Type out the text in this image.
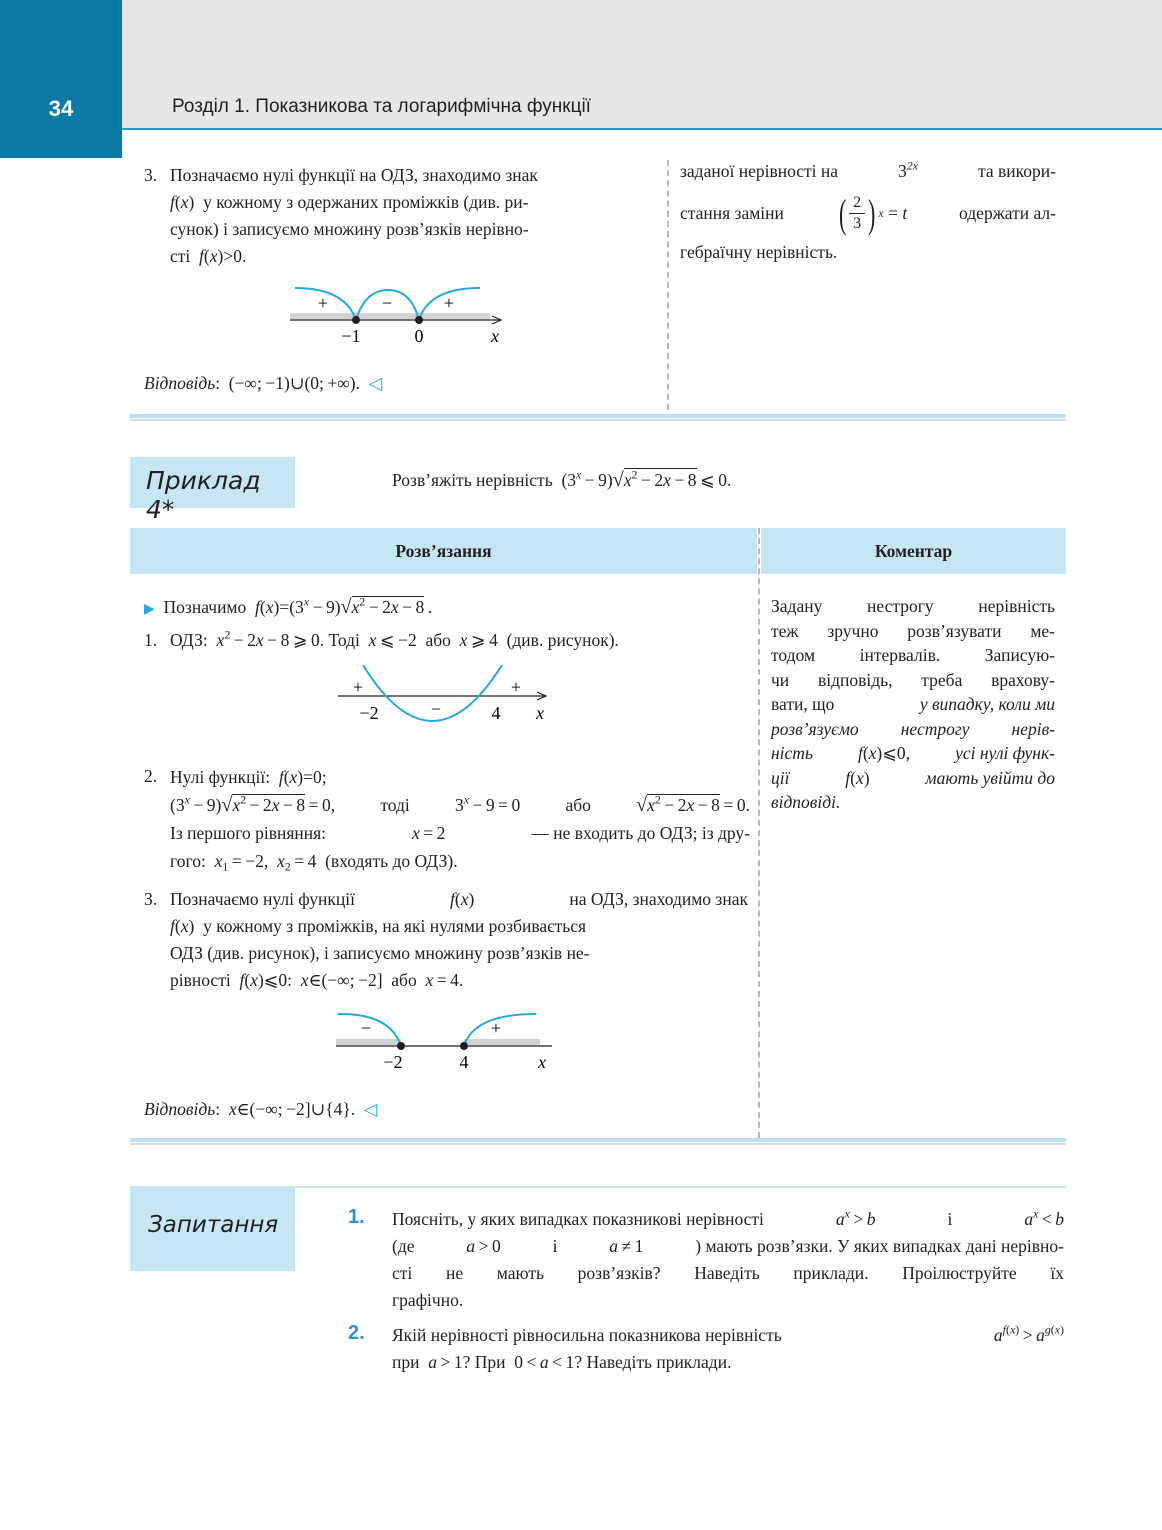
34	Розділ 1. Показникова та логарифмічна функції
3. Позначаємо нулі функції на ОДЗ, знаходимо знак
f(x)  у кожному з одержаних проміжків (див. ри-
сунок) і записуємо множину розв’язків нерівно-
сті f(x)>0.
+	−	+
−1	0	x
Відповідь:  (−∞; −1)∪(0; +∞).  ◁
заданої нерівності на	$3^{2x}$	та викори-
стання заміни ( 2
3 ) x = t	одержати ал-
гебраїчну нерівність.
Приклад 4*
Розв’яжіть нерівність  $(3^x - 9)√x^2 - 2x - 8$ ⩽ 0.
Розв’язання	Коментар
▶ Позначимо $f(x)=(3^x - 9)√x^2 - 2x - 8$ .
1. ОДЗ: $x^2 - 2x - 8$ ⩾ 0. Тоді x ⩽ −2  або x ⩾ 4  (див. рисунок).
+
−
+
−2	4 x
2. Нулі функції: f(x)=0;
$(3^x - 9)√x^2 - 2x - 8 = 0$,	тоді	$3^x - 9 = 0$	або $√x^2 - 2x - 8 = 0$.
Із першого рівняння:	x = 2	— не входить до ОДЗ; із дру-
гого: $x_1 = -2$,  $x_2 = 4$  (входять до ОДЗ).
3. Позначаємо нулі функції	f(x)	на ОДЗ, знаходимо знак
f(x)  у кожному з проміжків, на які нулями розбивається
ОДЗ (див. рисунок), і записуємо множину розв’язків не-
рівності f(x)⩽0:  x∈(−∞; −2]  або x = 4.
−	+
−2	4	x
Відповідь:  x∈(−∞; −2]∪{4}.  ◁
Задану нестрогу нерівність
теж зручно розв’язувати ме-
тодом інтервалів. Записую-
чи відповідь, треба врахову-
вати, що	у випадку, коли ми
розв’язуємо нестрогу нерів-
ність	f(x)⩽0,	усі нулі функ-
ції	f(x)	мають увійти до
відповіді.
Запитання	1. Поясніть, у яких випадках показникові нерівності	$a^x > b$	і	$a^x < b$
(де	a > 0	і	a ≠ 1	) мають розв’язки. У яких випадках дані нерівно-
сті не мають розв’язків? Наведіть приклади. Проілюструйте їх
графічно.
2. Якій нерівності рівносильна показникова нерівність	$a^{f(x)} > a^{g(x)}$
при a > 1? При  0 < a < 1? Наведіть приклади.
